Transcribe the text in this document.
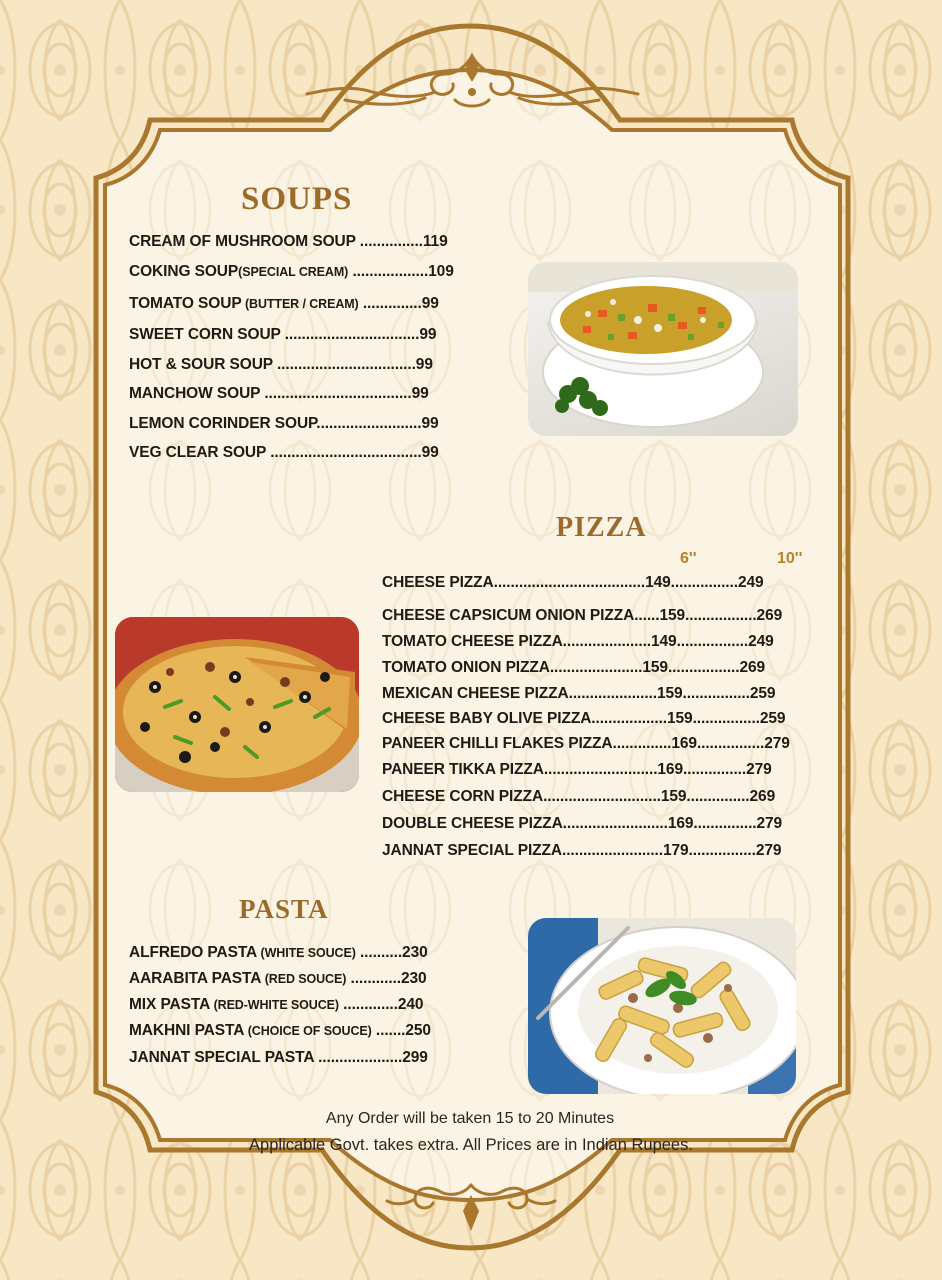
SOUPS
CREAM OF MUSHROOM SOUP ...............119
COKING SOUP(SPECIAL CREAM) ..................109
TOMATO SOUP (BUTTER / CREAM) ..............99
SWEET CORN SOUP ................................99
HOT & SOUR SOUP .................................99
MANCHOW SOUP ...................................99
LEMON CORINDER SOUP.........................99
VEG CLEAR SOUP ....................................99
PIZZA
6''	10''
CHEESE PIZZA....................................149................249
CHEESE CAPSICUM ONION PIZZA......159.................269
TOMATO CHEESE PIZZA.....................149.................249
TOMATO ONION PIZZA......................159.................269
MEXICAN CHEESE PIZZA.....................159................259
CHEESE BABY OLIVE PIZZA..................159................259
PANEER CHILLI FLAKES PIZZA..............169................279
PANEER TIKKA PIZZA...........................169...............279
CHEESE CORN PIZZA............................159...............269
DOUBLE CHEESE PIZZA.........................169...............279
JANNAT SPECIAL PIZZA........................179................279
PASTA
ALFREDO PASTA (WHITE SOUCE) ..........230
AARABITA PASTA (RED SOUCE) ............230
MIX PASTA (RED-WHITE SOUCE) .............240
MAKHNI PASTA (CHOICE OF SOUCE) .......250
JANNAT SPECIAL PASTA ....................299
Any Order will be taken 15 to 20 Minutes
Applicable Govt. takes extra. All Prices are in Indian Rupees.
